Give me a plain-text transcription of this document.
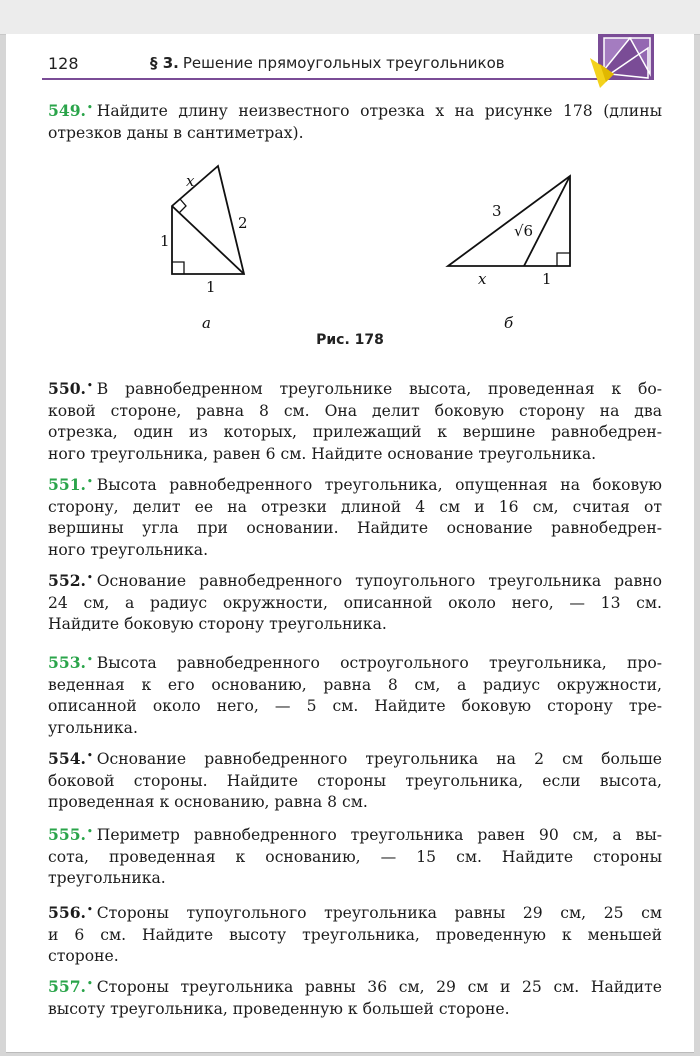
128	§ 3. Решение прямоугольных треугольников
549.• Найдите длину неизвестного отрезка x на рисунке 178 (длины
отрезков даны в сантиметрах).
x
1
2
1
а
3
√6
x	1
б
Рис. 178
550.• В равнобедренном треугольнике высота, проведенная к бо-
ковой стороне, равна 8 см. Она делит боковую сторону на два
отрезка, один из которых, прилежащий к вершине равнобедрен-
ного треугольника, равен 6 см. Найдите основание треугольника.
551.• Высота равнобедренного треугольника, опущенная на боковую
сторону, делит ее на отрезки длиной 4 см и 16 см, считая от
вершины угла при основании. Найдите основание равнобедрен-
ного треугольника.
552.• Основание равнобедренного тупоугольного треугольника равно
24 см, а радиус окружности, описанной около него, — 13 см.
Найдите боковую сторону треугольника.
553.• Высота равнобедренного остроугольного треугольника, про-
веденная к его основанию, равна 8 см, а радиус окружности,
описанной около него, — 5 см. Найдите боковую сторону тре-
угольника.
554.• Основание равнобедренного треугольника на 2 см больше
боковой стороны. Найдите стороны треугольника, если высота,
проведенная к основанию, равна 8 см.
555.• Периметр равнобедренного треугольника равен 90 см, а вы-
сота, проведенная к основанию, — 15 см. Найдите стороны
треугольника.
556.• Стороны тупоугольного треугольника равны 29 см, 25 см
и 6 см. Найдите высоту треугольника, проведенную к меньшей
стороне.
557.• Стороны треугольника равны 36 см, 29 см и 25 см. Найдите
высоту треугольника, проведенную к большей стороне.
